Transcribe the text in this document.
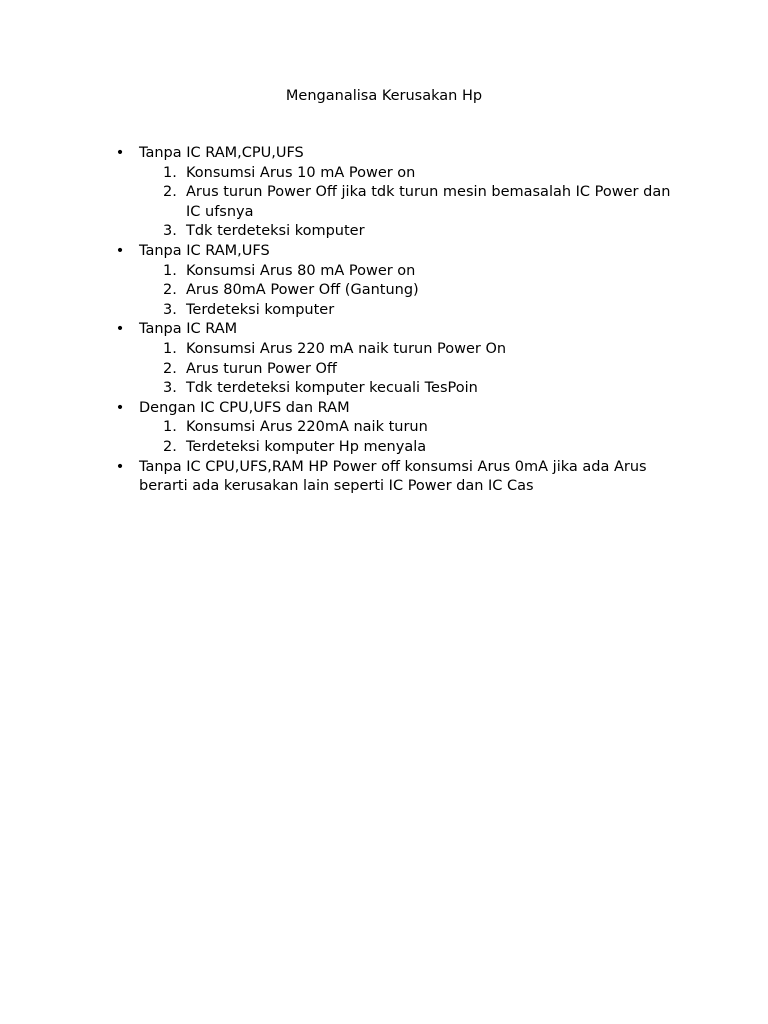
Menganalisa Kerusakan Hp
• Tanpa IC RAM,CPU,UFS
1. Konsumsi Arus 10 mA Power on
2. Arus turun Power Off jika tdk turun mesin bemasalah IC Power dan IC ufsnya
3. Tdk terdeteksi komputer
• Tanpa IC RAM,UFS
1. Konsumsi Arus 80 mA Power on
2. Arus 80mA Power Off (Gantung)
3. Terdeteksi komputer
• Tanpa IC RAM
1. Konsumsi Arus 220 mA naik turun Power On
2. Arus turun Power Off
3. Tdk terdeteksi komputer kecuali TesPoin
• Dengan IC CPU,UFS dan RAM
1. Konsumsi Arus 220mA naik turun
2. Terdeteksi komputer Hp menyala
• Tanpa IC CPU,UFS,RAM HP Power off konsumsi Arus 0mA jika ada Arus berarti ada kerusakan lain seperti IC Power dan IC Cas
